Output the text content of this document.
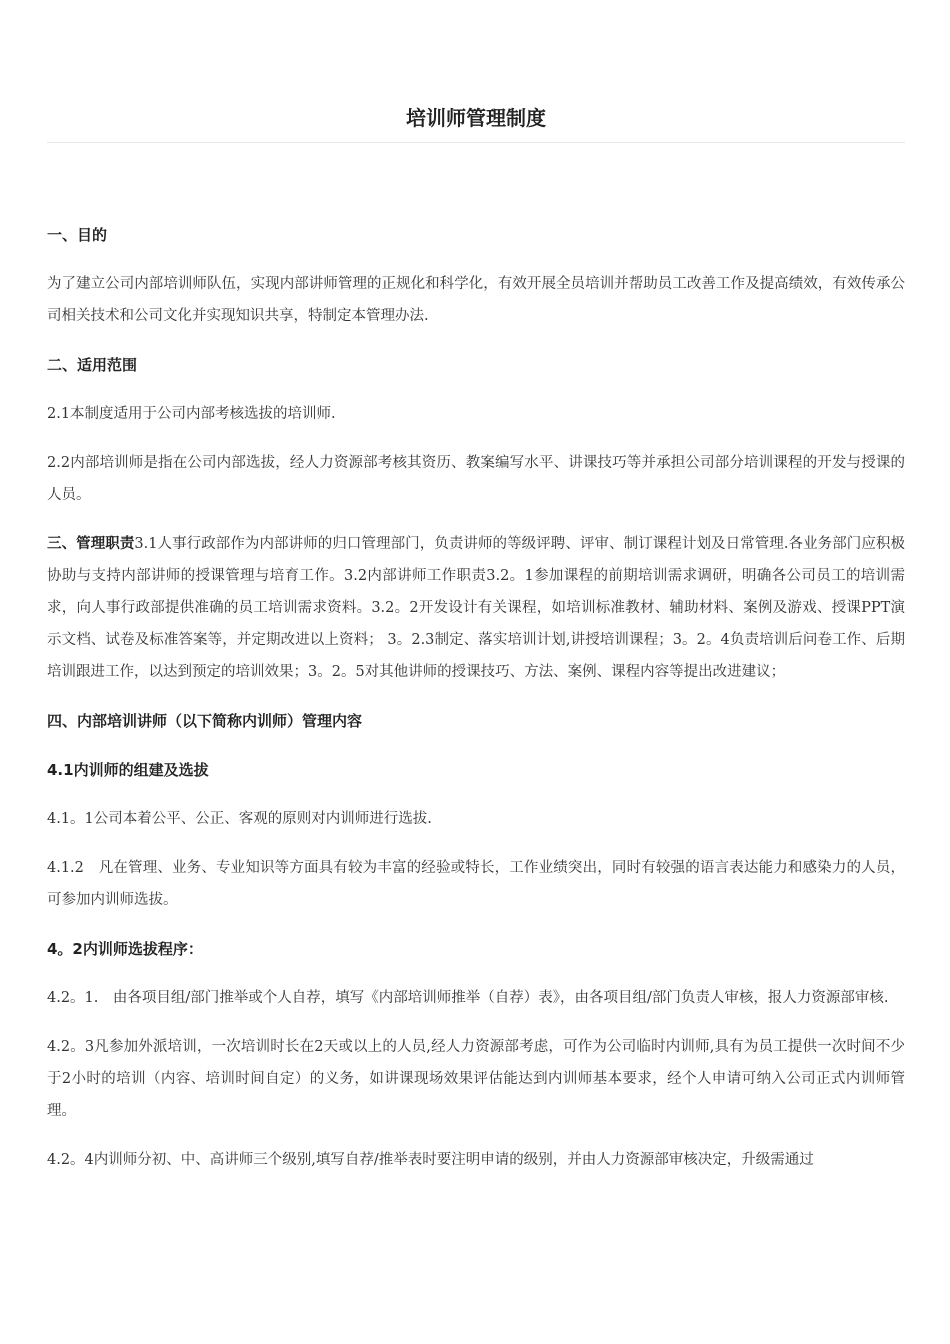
培训师管理制度

一、目的

为了建立公司内部培训师队伍，实现内部讲师管理的正规化和科学化，有效开展全员培训并帮助员工改善工作及提高绩效，有效传承公司相关技术和公司文化并实现知识共享，特制定本管理办法.

二、适用范围

2.1本制度适用于公司内部考核选拔的培训师.

2.2内部培训师是指在公司内部选拔，经人力资源部考核其资历、教案编写水平、讲课技巧等并承担公司部分培训课程的开发与授课的人员。

三、管理职责3.1人事行政部作为内部讲师的归口管理部门，负责讲师的等级评聘、评审、制订课程计划及日常管理.各业务部门应积极协助与支持内部讲师的授课管理与培育工作。3.2内部讲师工作职责3.2。1参加课程的前期培训需求调研，明确各公司员工的培训需求，向人事行政部提供准确的员工培训需求资料。3.2。2开发设计有关课程，如培训标准教材、辅助材料、案例及游戏、授课PPT演示文档、试卷及标准答案等，并定期改进以上资料； 3。2.3制定、落实培训计划,讲授培训课程；3。2。4负责培训后问卷工作、后期培训跟进工作，以达到预定的培训效果；3。2。5对其他讲师的授课技巧、方法、案例、课程内容等提出改进建议；

四、内部培训讲师（以下简称内训师）管理内容

4.1内训师的组建及选拔

4.1。1公司本着公平、公正、客观的原则对内训师进行选拔.

4.1.2　凡在管理、业务、专业知识等方面具有较为丰富的经验或特长，工作业绩突出，同时有较强的语言表达能力和感染力的人员，可参加内训师选拔。

4。2内训师选拔程序：

4.2。1.　由各项目组/部门推举或个人自荐，填写《内部培训师推举（自荐）表》，由各项目组/部门负责人审核，报人力资源部审核.

4.2。3凡参加外派培训，一次培训时长在2天或以上的人员,经人力资源部考虑，可作为公司临时内训师,具有为员工提供一次时间不少于2小时的培训（内容、培训时间自定）的义务，如讲课现场效果评估能达到内训师基本要求，经个人申请可纳入公司正式内训师管理。

4.2。4内训师分初、中、高讲师三个级别,填写自荐/推举表时要注明申请的级别，并由人力资源部审核决定，升级需通过
